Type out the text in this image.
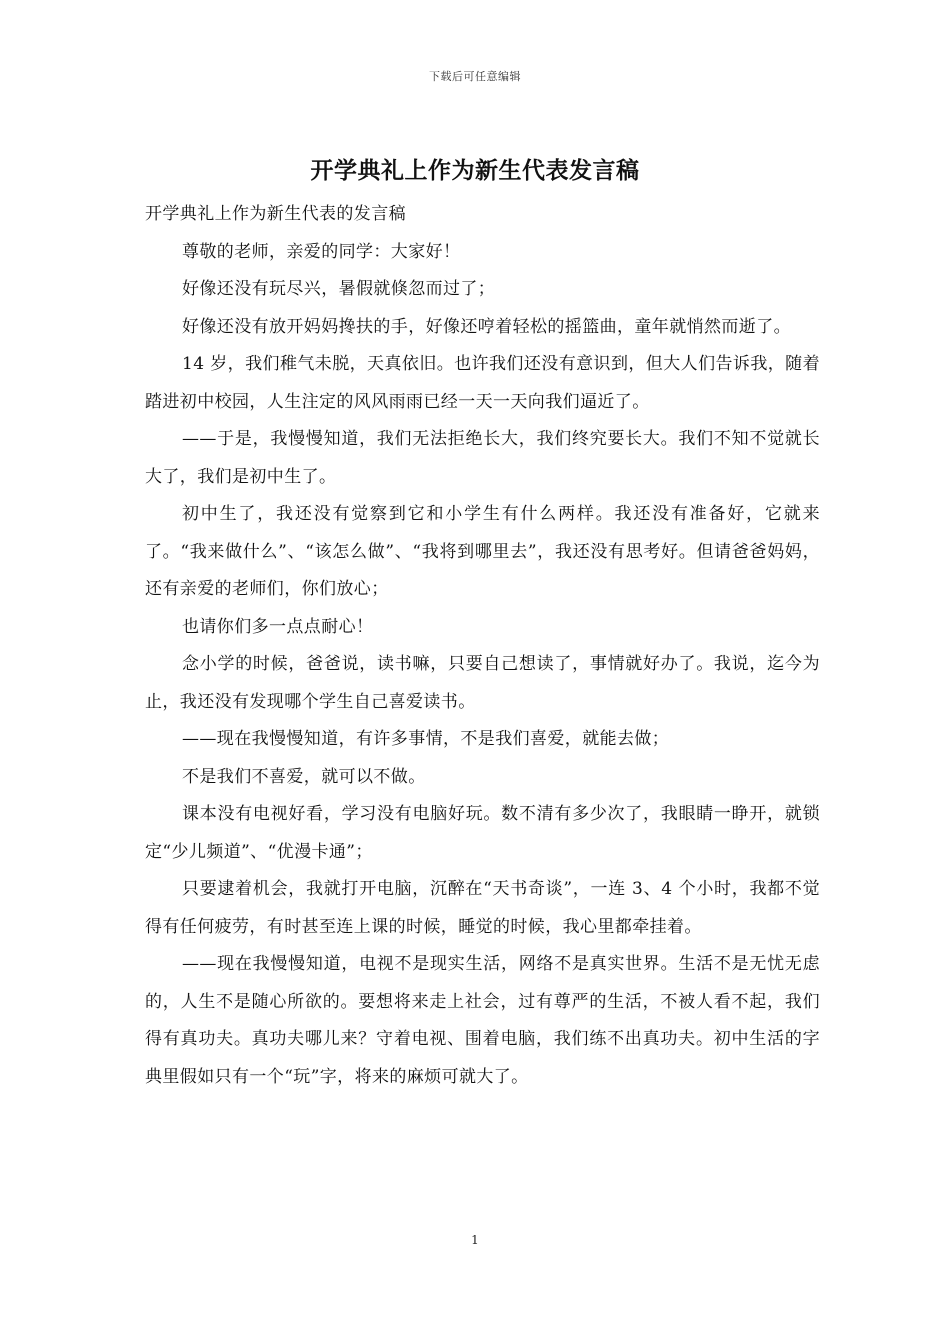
下载后可任意编辑
开学典礼上作为新生代表发言稿

开学典礼上作为新生代表的发言稿

尊敬的老师，亲爱的同学：大家好！

好像还没有玩尽兴，暑假就倏忽而过了；

好像还没有放开妈妈搀扶的手，好像还哼着轻松的摇篮曲，童年就悄然而逝了。

14 岁，我们稚气未脱，天真依旧。也许我们还没有意识到，但大人们告诉我，随着踏进初中校园，人生注定的风风雨雨已经一天一天向我们逼近了。

——于是，我慢慢知道，我们无法拒绝长大，我们终究要长大。我们不知不觉就长大了，我们是初中生了。

初中生了，我还没有觉察到它和小学生有什么两样。我还没有准备好，它就来了。“我来做什么”、“该怎么做”、“我将到哪里去”，我还没有思考好。但请爸爸妈妈，还有亲爱的老师们，你们放心；

也请你们多一点点耐心！

念小学的时候，爸爸说，读书嘛，只要自己想读了，事情就好办了。我说，迄今为止，我还没有发现哪个学生自己喜爱读书。

——现在我慢慢知道，有许多事情，不是我们喜爱，就能去做；

不是我们不喜爱，就可以不做。

课本没有电视好看，学习没有电脑好玩。数不清有多少次了，我眼睛一睁开，就锁定“少儿频道”、“优漫卡通”；

只要逮着机会，我就打开电脑，沉醉在“天书奇谈”，一连 3、4 个小时，我都不觉得有任何疲劳，有时甚至连上课的时候，睡觉的时候，我心里都牵挂着。

——现在我慢慢知道，电视不是现实生活，网络不是真实世界。生活不是无忧无虑的，人生不是随心所欲的。要想将来走上社会，过有尊严的生活，不被人看不起，我们得有真功夫。真功夫哪儿来？守着电视、围着电脑，我们练不出真功夫。初中生活的字典里假如只有一个“玩”字，将来的麻烦可就大了。

1
